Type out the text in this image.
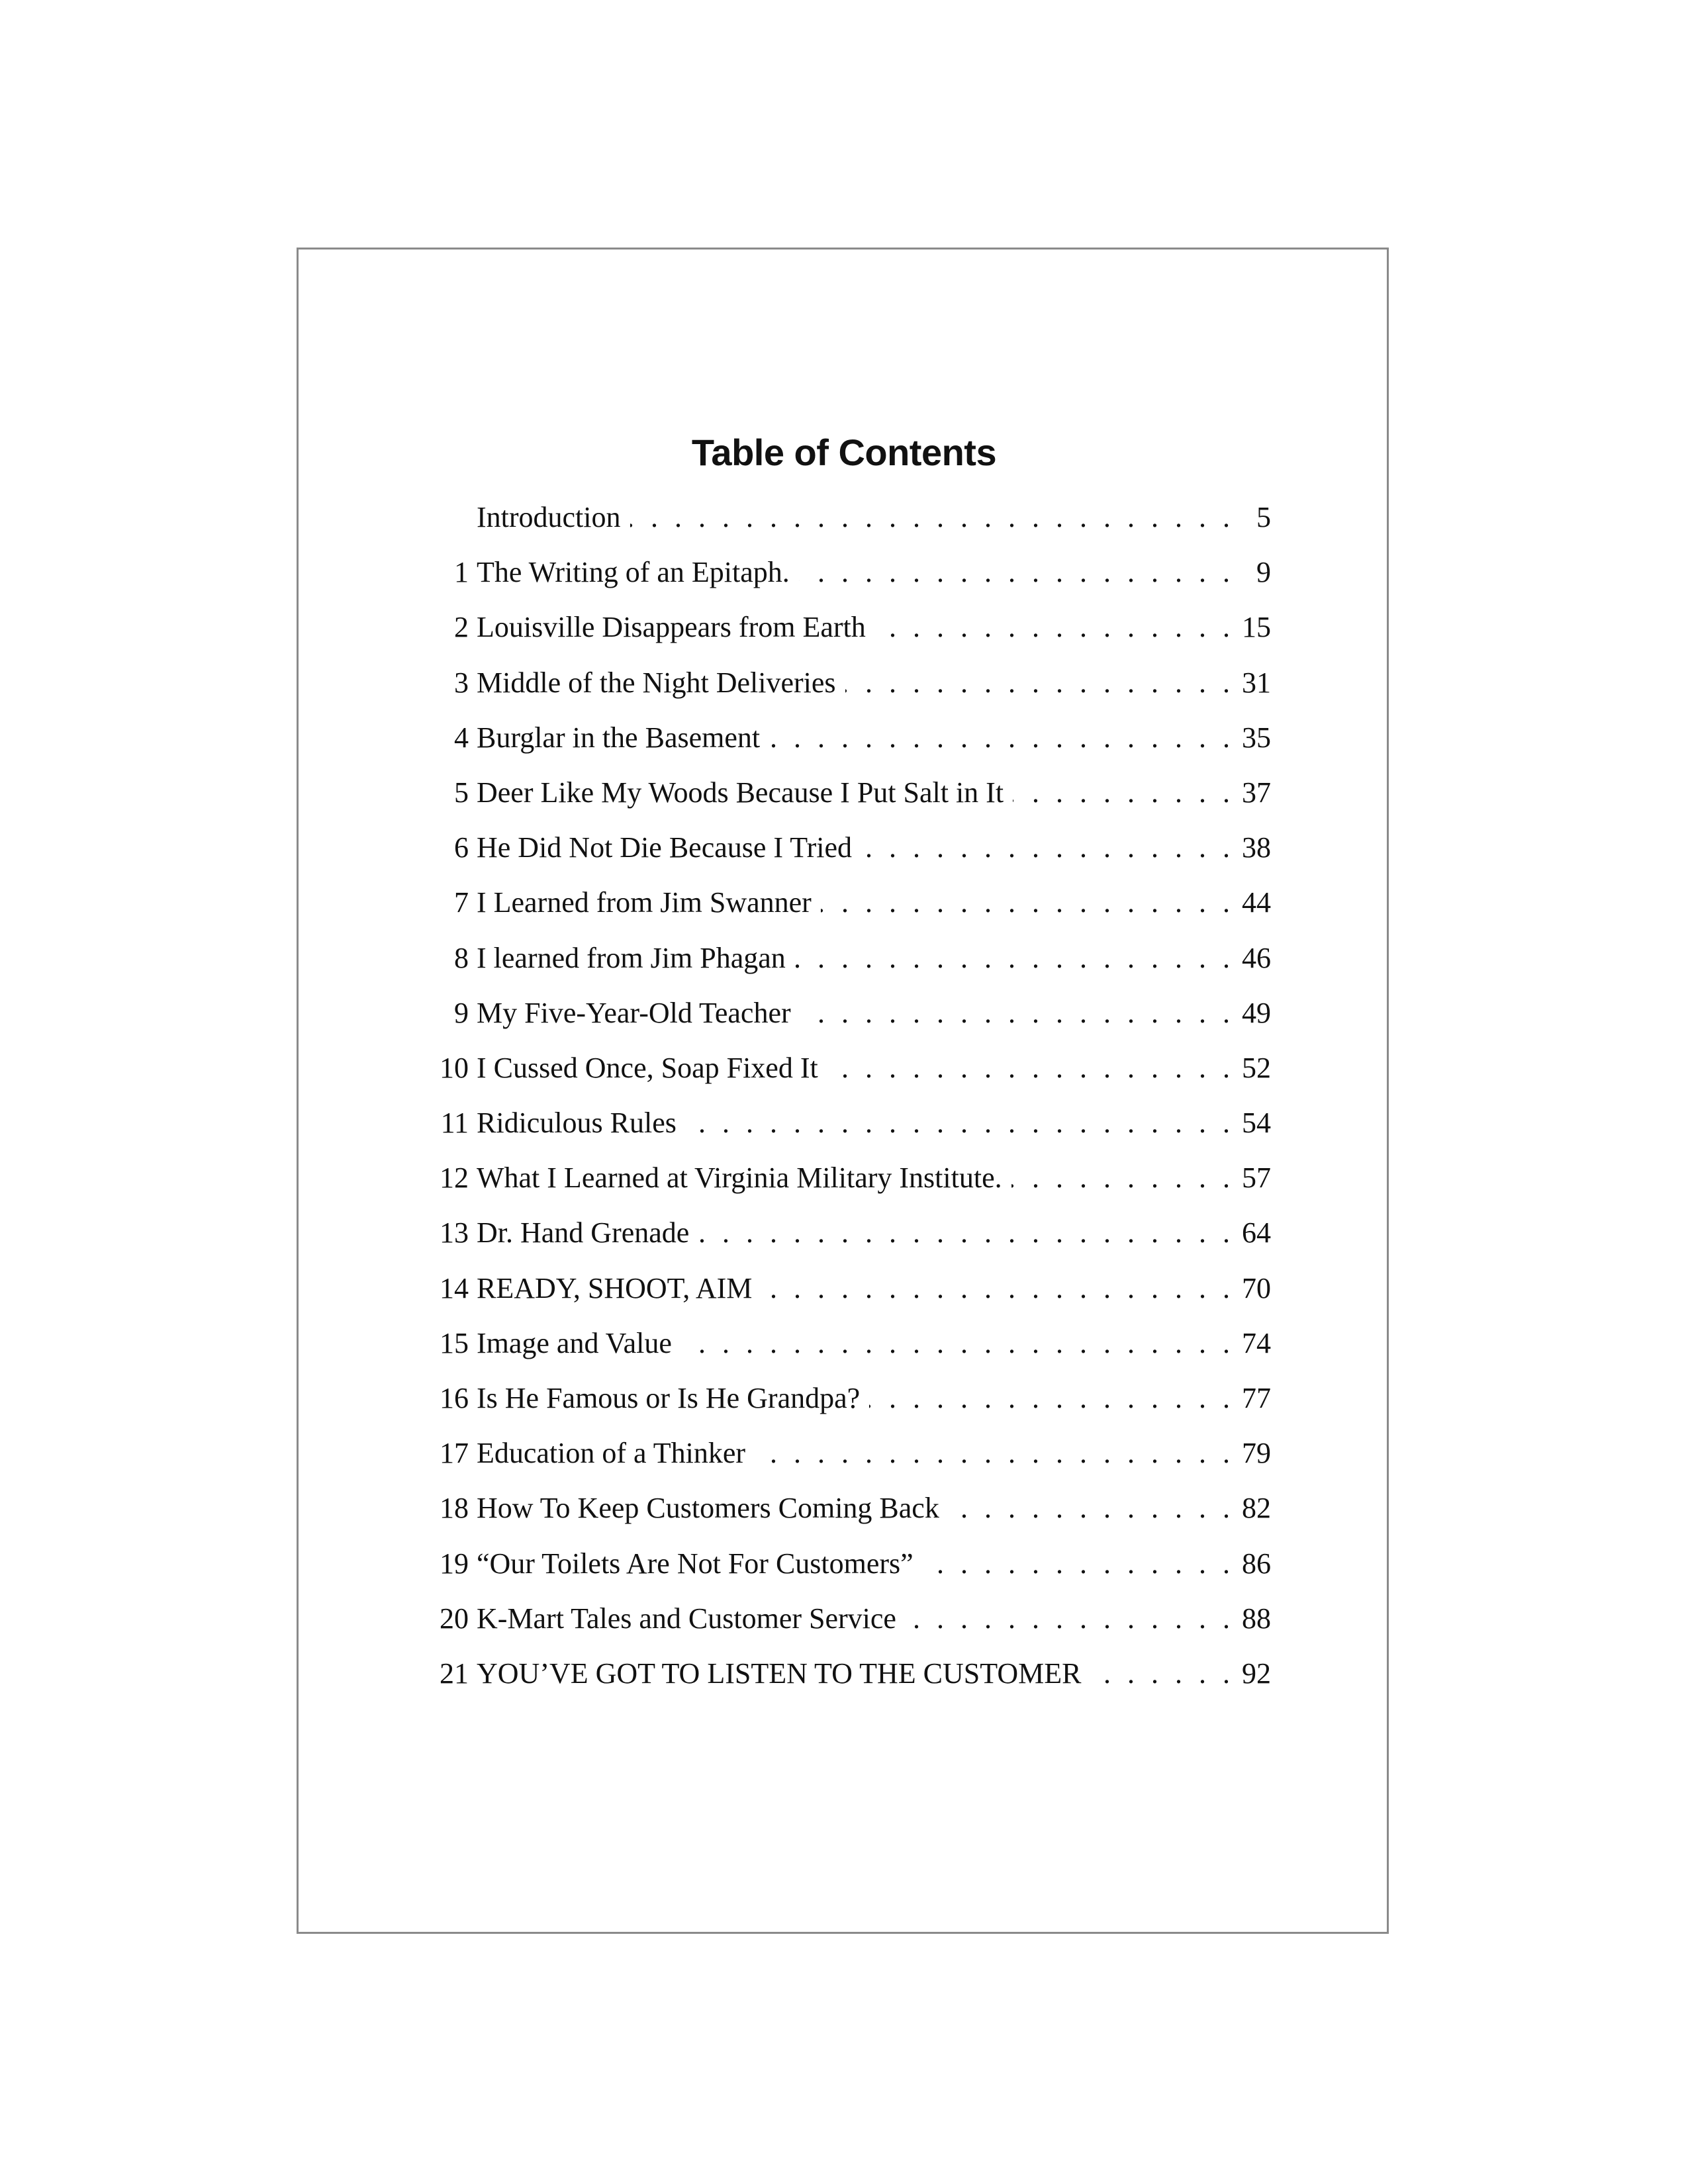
Table of Contents
Introduction . . .	5
1 The Writing of an Epitaph. . . .	9
2 Louisville Disappears from Earth . . .	15
3 Middle of the Night Deliveries . . .	31
4 Burglar in the Basement . . .	35
5 Deer Like My Woods Because I Put Salt in It . . .	37
6 He Did Not Die Because I Tried . . .	38
7 I Learned from Jim Swanner . . .	44
8 I learned from Jim Phagan . . .	46
9 My Five-Year-Old Teacher . . .	49
10 I Cussed Once, Soap Fixed It . . .	52
11 Ridiculous Rules . . .	54
12 What I Learned at Virginia Military Institute. . . .	57
13 Dr. Hand Grenade . . .	64
14 READY, SHOOT, AIM . . .	70
15 Image and Value . . .	74
16 Is He Famous or Is He Grandpa? . . .	77
17 Education of a Thinker . . .	79
18 How To Keep Customers Coming Back . . .	82
19 “Our Toilets Are Not For Customers” . . .	86
20 K-Mart Tales and Customer Service . . .	88
21 YOU’VE GOT TO LISTEN TO THE CUSTOMER . . .	92
